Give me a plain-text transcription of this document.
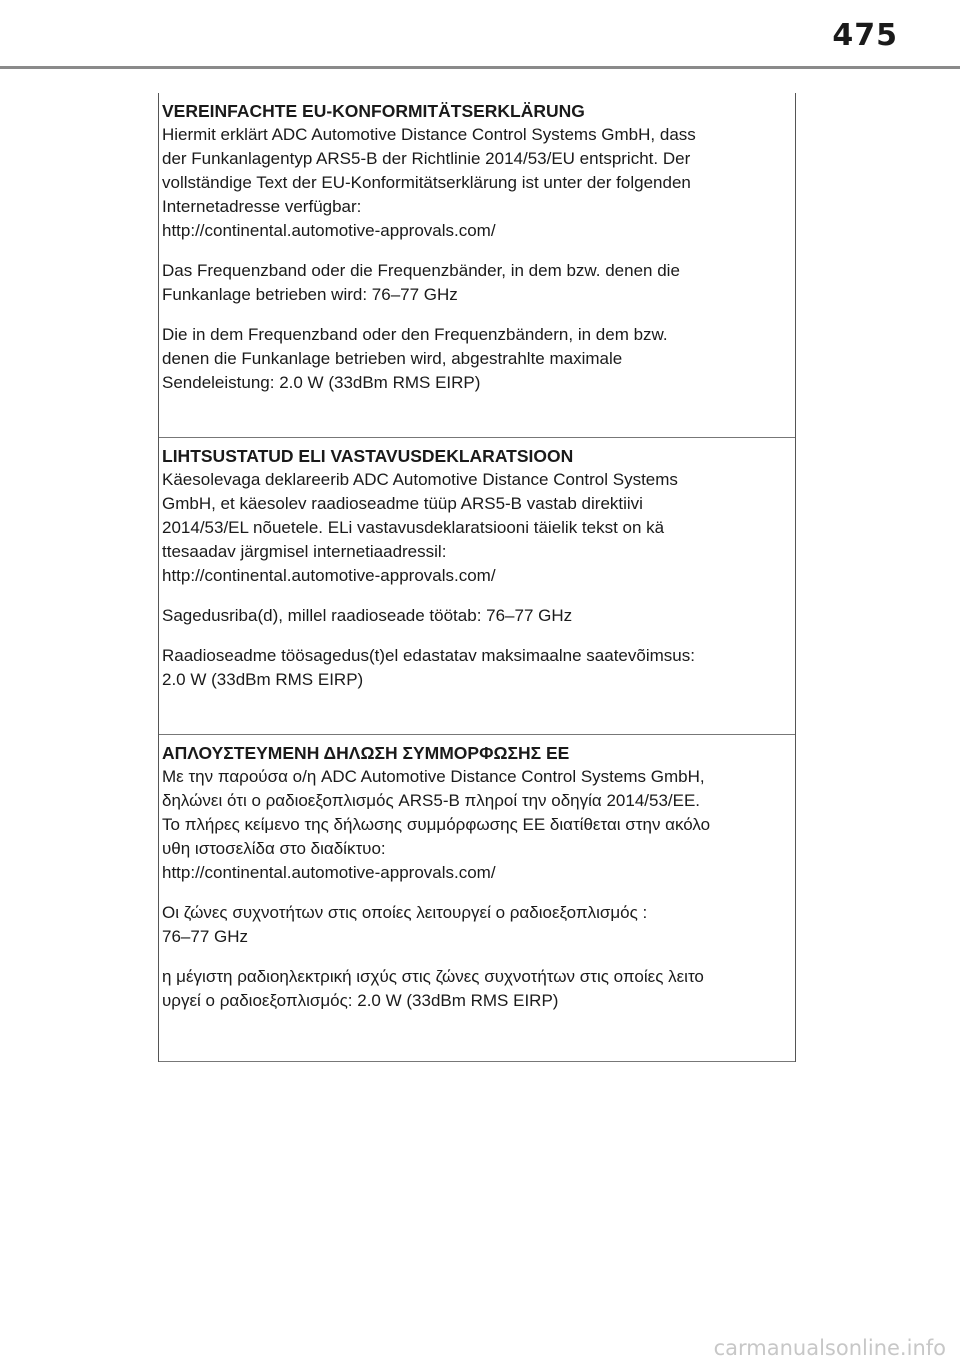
475

VEREINFACHTE EU-KONFORMITÄTSERKLÄRUNG

Hiermit erklärt ADC Automotive Distance Control Systems GmbH, dass
der Funkanlagentyp ARS5-B der Richtlinie 2014/53/EU entspricht. Der
vollständige Text der EU-Konformitätserklärung ist unter der folgenden
Internetadresse verfügbar:
http://continental.automotive-approvals.com/

Das Frequenzband oder die Frequenzbänder, in dem bzw. denen die
Funkanlage betrieben wird: 76–77 GHz

Die in dem Frequenzband oder den Frequenzbändern, in dem bzw.
denen die Funkanlage betrieben wird, abgestrahlte maximale
Sendeleistung: 2.0 W (33dBm RMS EIRP)

LIHTSUSTATUD ELI VASTAVUSDEKLARATSIOON

Käesolevaga deklareerib ADC Automotive Distance Control Systems
GmbH, et käesolev raadioseadme tüüp ARS5-B vastab direktiivi
2014/53/EL nõuetele. ELi vastavusdeklaratsiooni täielik tekst on kä
ttesaadav järgmisel internetiaadressil:
http://continental.automotive-approvals.com/

Sagedusriba(d), millel raadioseade töötab: 76–77 GHz

Raadioseadme töösagedus(t)el edastatav maksimaalne saatevõimsus:
2.0 W (33dBm RMS EIRP)

ΑΠΛΟΥΣΤΕΥΜΕΝΗ ΔΗΛΩΣΗ ΣΥΜΜΟΡΦΩΣΗΣ ΕΕ

Με την παρούσα ο/η ADC Automotive Distance Control Systems GmbH,
δηλώνει ότι ο ραδιοεξοπλισμός ARS5-B πληροί την οδηγία 2014/53/ΕΕ.
Το πλήρες κείμενο της δήλωσης συμμόρφωσης ΕΕ διατίθεται στην ακόλο
υθη ιστοσελίδα στο διαδίκτυο:
http://continental.automotive-approvals.com/

Οι ζώνες συχνοτήτων στις οποίες λειτουργεί ο ραδιοεξοπλισμός :
76–77 GHz

η μέγιστη ραδιοηλεκτρική ισχύς στις ζώνες συχνοτήτων στις οποίες λειτο
υργεί ο ραδιοεξοπλισμός: 2.0 W (33dBm RMS EIRP)

carmanualsonline.info
